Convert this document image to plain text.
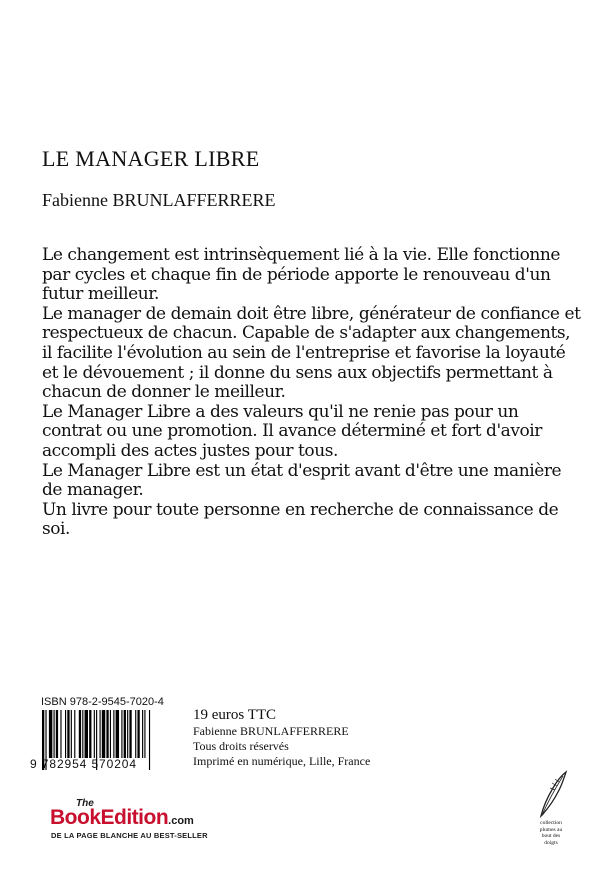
LE MANAGER LIBRE
Fabienne BRUNLAFFERRERE

Le changement est intrinsèquement lié à la vie. Elle fonctionne par cycles et chaque fin de période apporte le renouveau d'un futur meilleur.

Le manager de demain doit être libre, générateur de confiance et respectueux de chacun. Capable de s'adapter aux changements, il facilite l'évolution au sein de l'entreprise et favorise la loyauté et le dévouement ; il donne du sens aux objectifs permettant à chacun de donner le meilleur.

Le Manager Libre a des valeurs qu'il ne renie pas pour un contrat ou une promotion. Il avance déterminé et fort d'avoir accompli des actes justes pour tous.

Le Manager Libre est un état d'esprit avant d'être une manière de manager.

Un livre pour toute personne en recherche de connaissance de soi.

ISBN 978-2-9545-7020-4
9 782954 570204
19 euros TTC
Fabienne BRUNLAFFERRERE
Tous droits réservés
Imprimé en numérique, Lille, France
The
BookEdition.com
DE LA PAGE BLANCHE AU BEST-SELLER
collection
plumes au
bout des
doigts
